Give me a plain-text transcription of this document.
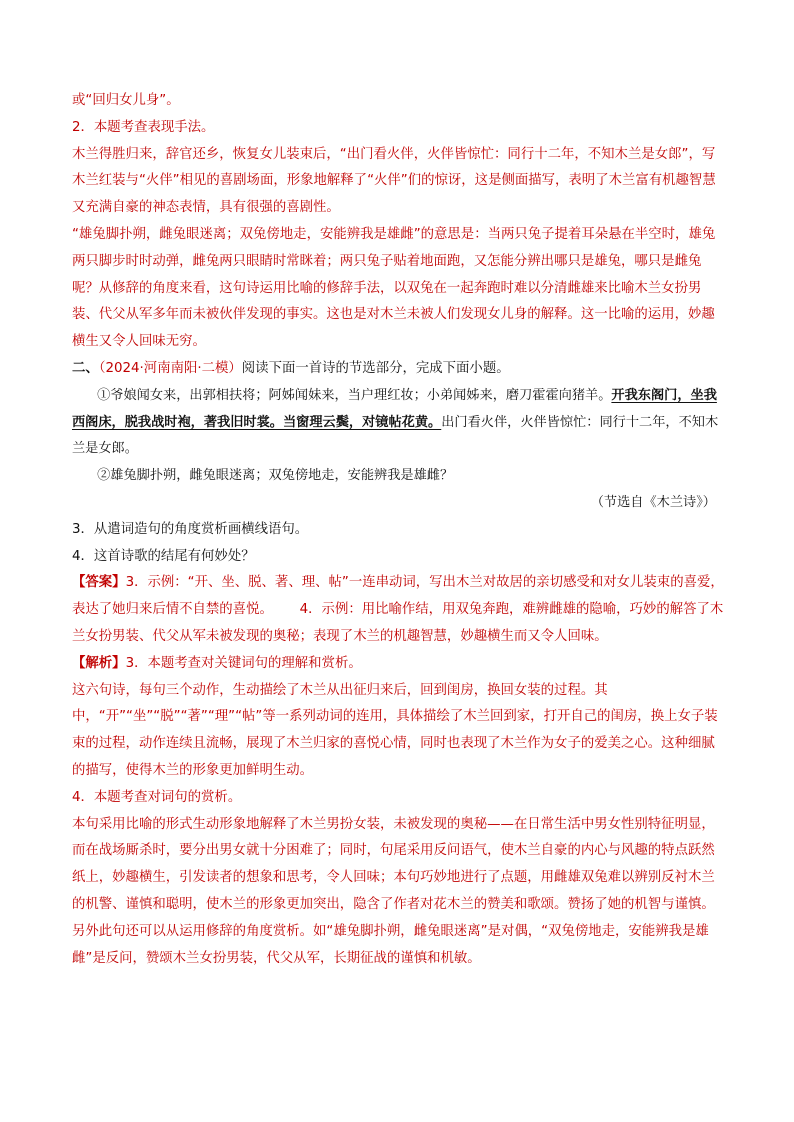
或“回归女儿身”。

2．本题考查表现手法。

木兰得胜归来，辞官还乡，恢复女儿装束后，“出门看火伴，火伴皆惊忙：同行十二年，不知木兰是女郎”，写木兰红装与“火伴”相见的喜剧场面，形象地解释了“火伴”们的惊讶，这是侧面描写，表明了木兰富有机趣智慧又充满自豪的神态表情，具有很强的喜剧性。

“雄兔脚扑朔，雌兔眼迷离；双兔傍地走，安能辨我是雄雌”的意思是：当两只兔子提着耳朵悬在半空时，雄兔两只脚步时时动弹，雌兔两只眼睛时常眯着；两只兔子贴着地面跑，又怎能分辨出哪只是雄兔，哪只是雌兔呢？从修辞的角度来看，这句诗运用比喻的修辞手法，以双兔在一起奔跑时难以分清雌雄来比喻木兰女扮男装、代父从军多年而未被伙伴发现的事实。这也是对木兰未被人们发现女儿身的解释。这一比喻的运用，妙趣横生又令人回味无穷。

二、（2024·河南南阳·二模）阅读下面一首诗的节选部分，完成下面小题。

①爷娘闻女来，出郭相扶将；阿姊闻妹来，当户理红妆；小弟闻姊来，磨刀霍霍向猪羊。开我东阁门，坐我西阁床，脱我战时袍，著我旧时裳。当窗理云鬓，对镜帖花黄。出门看火伴，火伴皆惊忙：同行十二年，不知木兰是女郎。

②雄兔脚扑朔，雌兔眼迷离；双兔傍地走，安能辨我是雄雌？

（节选自《木兰诗》）

3．从遣词造句的角度赏析画横线语句。

4．这首诗歌的结尾有何妙处？

【答案】3．示例：“开、坐、脱、著、理、帖”一连串动词，写出木兰对故居的亲切感受和对女儿装束的喜爱，表达了她归来后情不自禁的喜悦。   4．示例：用比喻作结，用双兔奔跑，难辨雌雄的隐喻，巧妙的解答了木兰女扮男装、代父从军未被发现的奥秘；表现了木兰的机趣智慧，妙趣横生而又令人回味。

【解析】3．本题考查对关键词句的理解和赏析。

这六句诗，每句三个动作，生动描绘了木兰从出征归来后，回到闺房，换回女装的过程。其中，“开”“坐”“脱”“著”“理”“帖”等一系列动词的连用，具体描绘了木兰回到家，打开自己的闺房，换上女子装束的过程，动作连续且流畅，展现了木兰归家的喜悦心情，同时也表现了木兰作为女子的爱美之心。这种细腻的描写，使得木兰的形象更加鲜明生动。

4．本题考查对词句的赏析。

本句采用比喻的形式生动形象地解释了木兰男扮女装，未被发现的奥秘——在日常生活中男女性别特征明显，而在战场厮杀时，要分出男女就十分困难了；同时，句尾采用反问语气，使木兰自豪的内心与风趣的特点跃然纸上，妙趣横生，引发读者的想象和思考，令人回味；本句巧妙地进行了点题，用雌雄双兔难以辨别反衬木兰的机警、谨慎和聪明，使木兰的形象更加突出，隐含了作者对花木兰的赞美和歌颂。赞扬了她的机智与谨慎。

另外此句还可以从运用修辞的角度赏析。如“雄兔脚扑朔，雌兔眼迷离”是对偶，“双兔傍地走，安能辨我是雄雌”是反问，赞颂木兰女扮男装，代父从军，长期征战的谨慎和机敏。
